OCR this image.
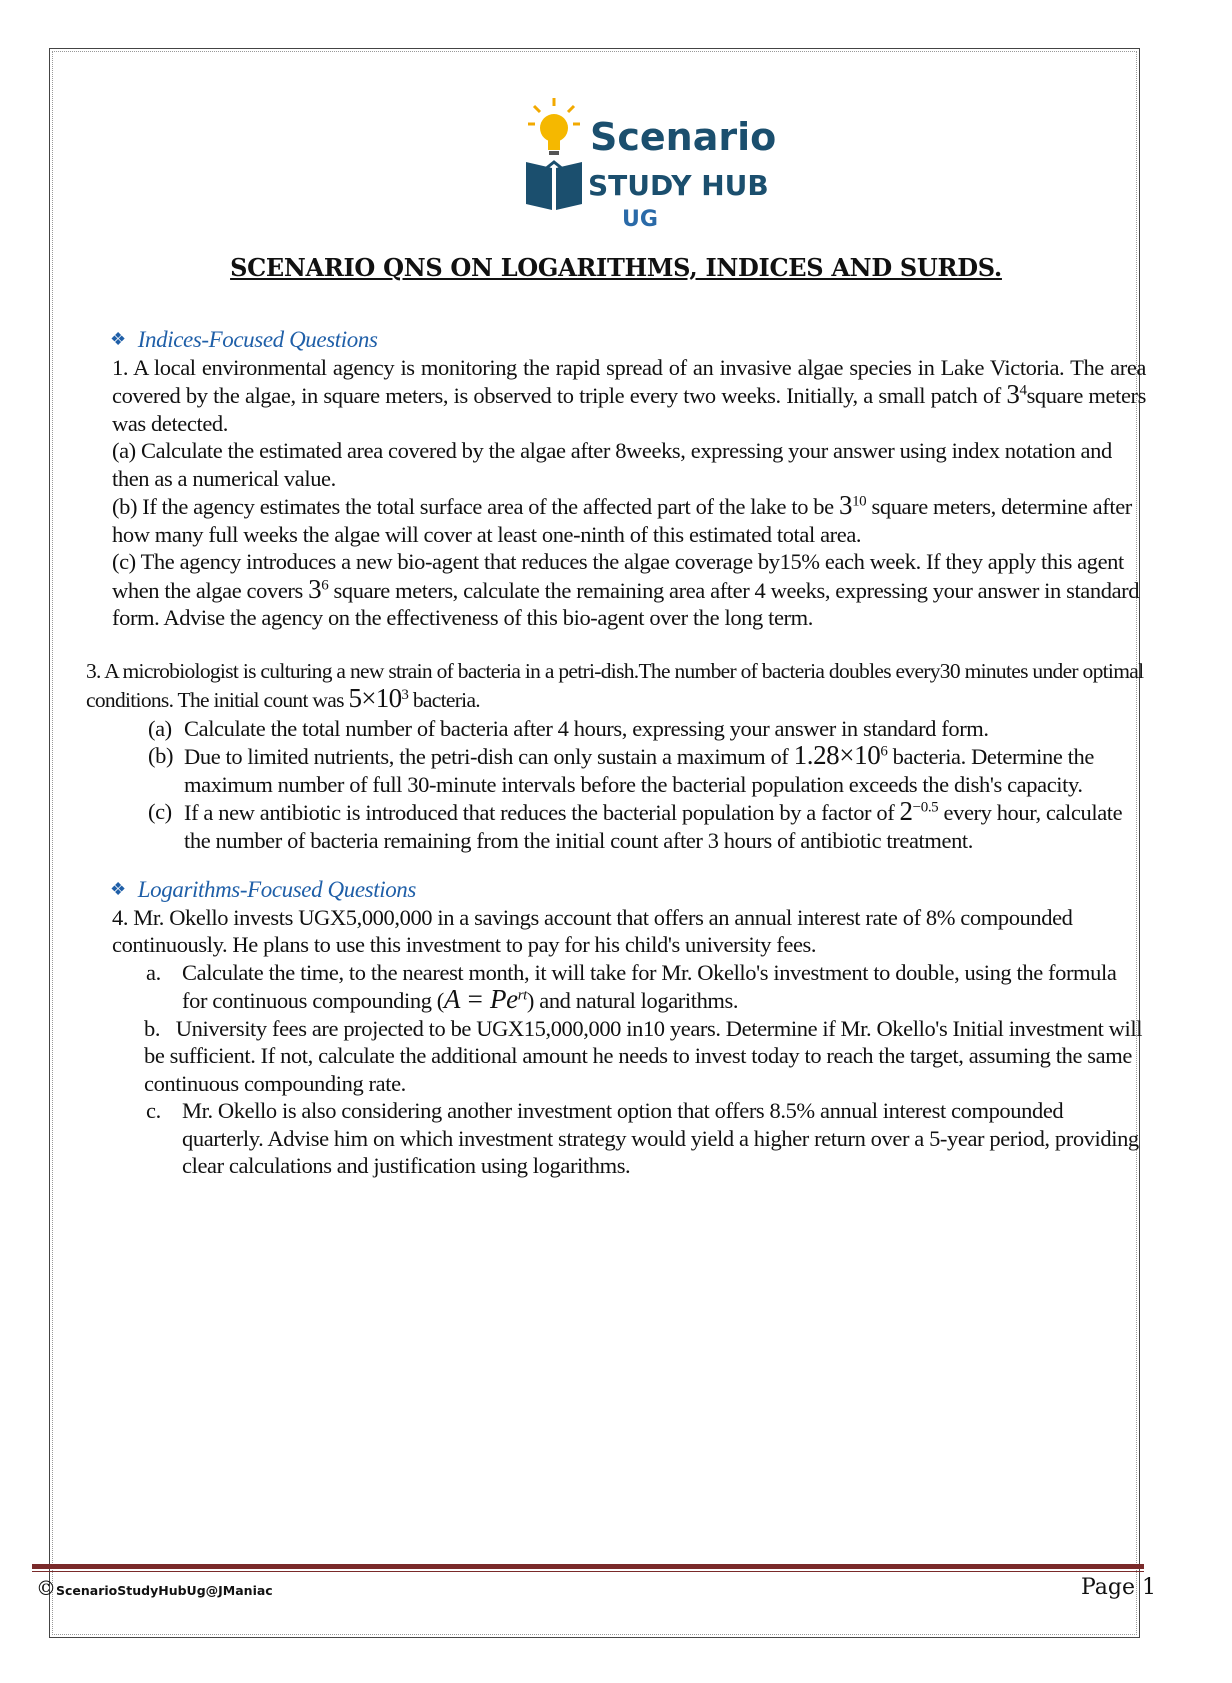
Scenario
STUDY HUB
UG
SCENARIO QNS ON LOGARITHMS, INDICES AND SURDS.
❖ Indices-Focused Questions
1. A local environmental agency is monitoring the rapid spread of an invasive algae species in Lake Victoria. The area covered by the algae, in square meters, is observed to triple every two weeks. Initially, a small patch of $3^4square$ meters was detected.
(a) Calculate the estimated area covered by the algae after 8weeks, expressing your answer using index notation and then as a numerical value.
(b) If the agency estimates the total surface area of the affected part of the lake to be $3^{10}$ square meters, determine after how many full weeks the algae will cover at least one-ninth of this estimated total area.
(c) The agency introduces a new bio-agent that reduces the algae coverage by15% each week. If they apply this agent when the algae covers $3^6$ square meters, calculate the remaining area after 4 weeks, expressing your answer in standard form. Advise the agency on the effectiveness of this bio-agent over the long term.
3. A microbiologist is culturing a new strain of bacteria in a petri-dish.The number of bacteria doubles every30 minutes under optimal conditions. The initial count was $5\times 10^3$ bacteria.
(a) Calculate the total number of bacteria after 4 hours, expressing your answer in standard form.
(b) Due to limited nutrients, the petri-dish can only sustain a maximum of $1.28\times 10^6$ bacteria. Determine the maximum number of full 30-minute intervals before the bacterial population exceeds the dish's capacity.
(c) If a new antibiotic is introduced that reduces the bacterial population by a factor of $2^{-0.5}$ every hour, calculate the number of bacteria remaining from the initial count after 3 hours of antibiotic treatment.
❖ Logarithms-Focused Questions
4. Mr. Okello invests UGX5,000,000 in a savings account that offers an annual interest rate of 8% compounded continuously. He plans to use this investment to pay for his child's university fees.
a. Calculate the time, to the nearest month, it will take for Mr. Okello's investment to double, using the formula for continuous compounding $(A = Pe^{rt})$ and natural logarithms.
b. University fees are projected to be UGX15,000,000 in10 years. Determine if Mr. Okello's Initial investment will be sufficient. If not, calculate the additional amount he needs to invest today to reach the target, assuming the same continuous compounding rate.
c. Mr. Okello is also considering another investment option that offers 8.5% annual interest compounded quarterly. Advise him on which investment strategy would yield a higher return over a 5-year period, providing clear calculations and justification using logarithms.
©ScenarioStudyHubUg@JManiac	Page 1
